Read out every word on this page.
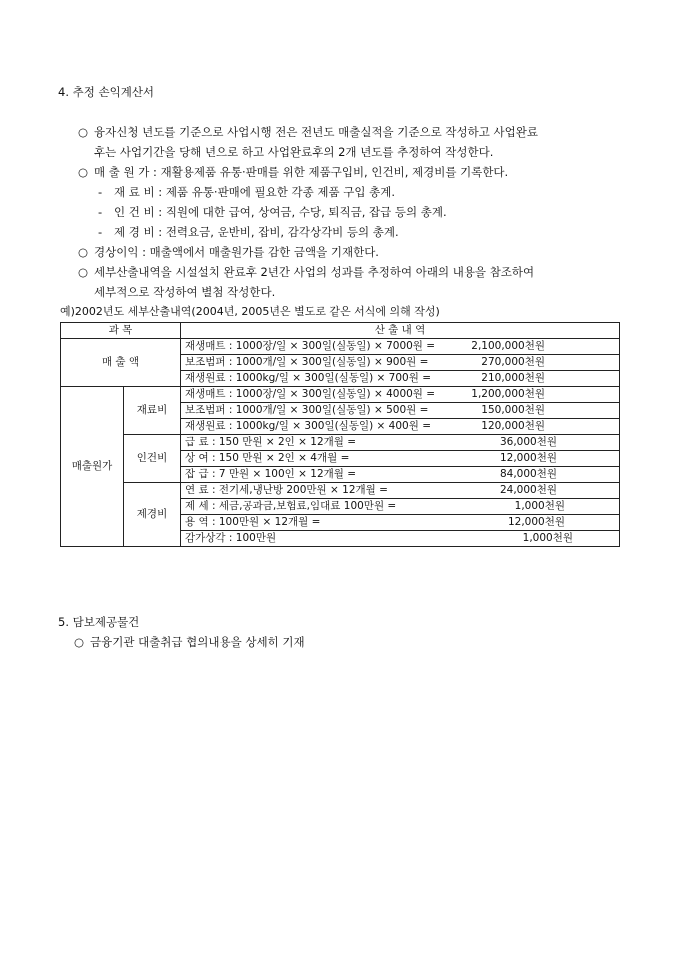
4. 추정 손익계산서
○ 융자신청 년도를 기준으로 사업시행 전은 전년도 매출실적을 기준으로 작성하고 사업완료
후는 사업기간을 당해 년으로 하고 사업완료후의 2개 년도를 추정하여 작성한다.
○ 매 출 원 가 : 재활용제품 유통·판매를 위한 제품구입비, 인건비, 제경비를 기록한다.
- 재 료 비 : 제품 유통·판매에 필요한 각종 제품 구입 총계.
- 인 건 비 : 직원에 대한 급여, 상여금, 수당, 퇴직금, 잡급 등의 총계.
- 제 경 비 : 전력요금, 운반비, 잡비, 감각상각비 등의 총계.
○ 경상이익 : 매출액에서 매출원가를 감한 금액을 기재한다.
○ 세부산출내역을 시설설치 완료후 2년간 사업의 성과를 추정하여 아래의 내용을 참조하여
세부적으로 작성하여 별첨 작성한다.
예)2002년도 세부산출내역(2004년, 2005년은 별도로 같은 서식에 의해 작성)
과 목		산 출 내 역
매 출 액		재생매트 : 1000장/일 × 300일(실동일) × 7000원 = 2,100,000천원

		보조범퍼 : 1000개/일 × 300일(실동일) × 900원 = 270,000천원

		재생원료 : 1000kg/일 × 300일(실동일) × 700원 = 210,000천원

매출원가	재료비	재생매트 : 1000장/일 × 300일(실동일) × 4000원 = 1,200,000천원

		보조범퍼 : 1000개/일 × 300일(실동일) × 500원 = 150,000천원

		재생원료 : 1000kg/일 × 300일(실동일) × 400원 = 120,000천원

	인건비	급 료 : 150 만원 × 2인 × 12개월 = 36,000천원

		상 여 : 150 만원 × 2인 × 4개월 = 12,000천원

		잡 급 : 7 만원 × 100인 × 12개월 = 84,000천원

	제경비	연 료 : 전기세,냉난방 200만원 × 12개월 = 24,000천원

		제 세 : 세금,공과금,보험료,임대료 100만원 = 1,000천원

		용 역 : 100만원 × 12개월 = 12,000천원

		감가상각 : 100만원 1,000천원
5. 담보제공물건
○ 금융기관 대출취급 협의내용을 상세히 기재
